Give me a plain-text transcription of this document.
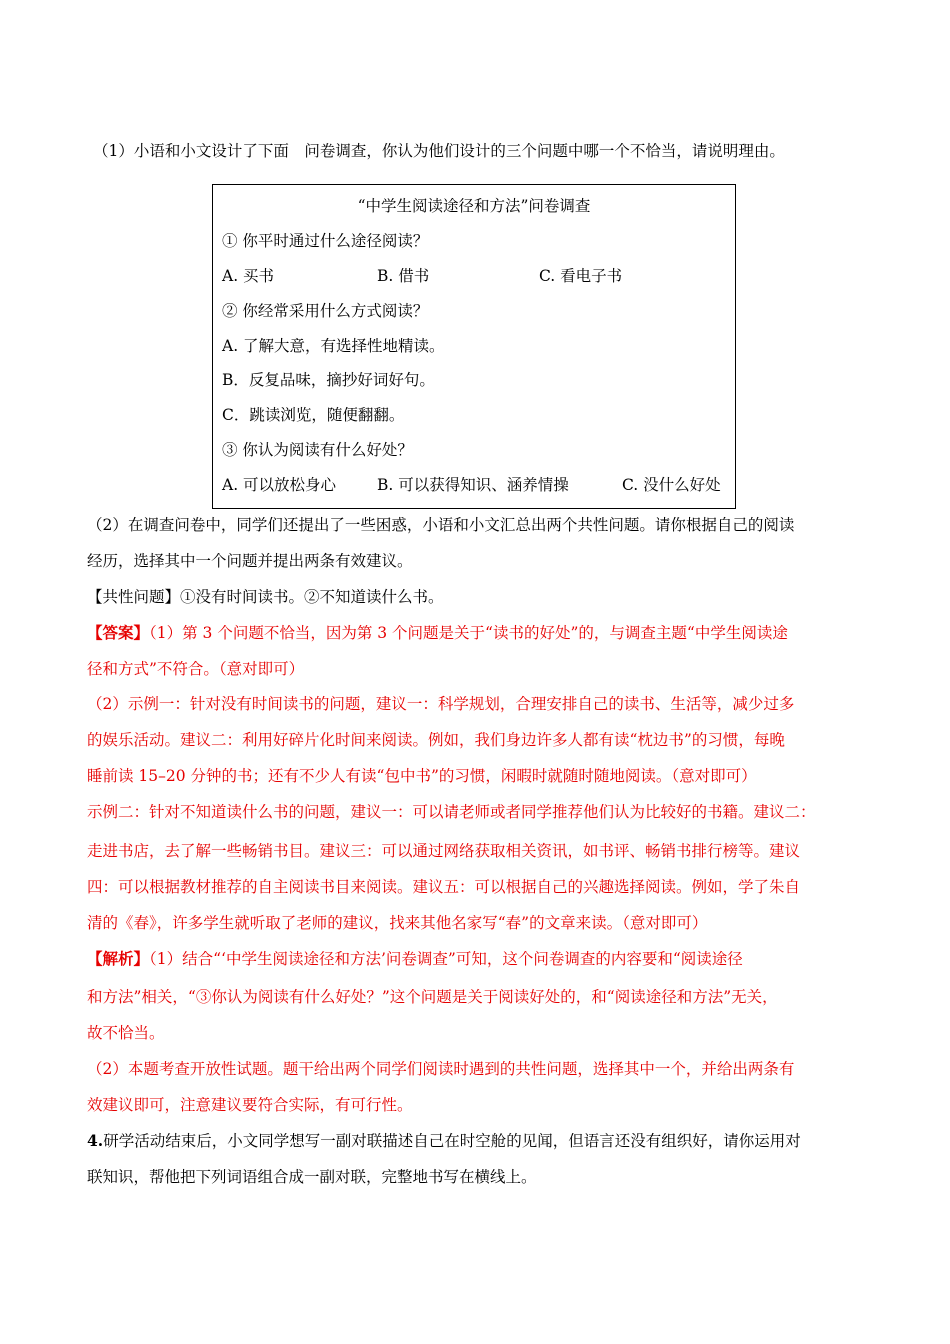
（1）小语和小文设计了下面　问卷调查，你认为他们设计的三个问题中哪一个不恰当，请说明理由。
“中学生阅读途径和方法”问卷调查
① 你平时通过什么途径阅读？
A. 买书	B. 借书	C. 看电子书
② 你经常采用什么方式阅读？
A. 了解大意，有选择性地精读。
B．反复品味，摘抄好词好句。
C．跳读浏览，随便翻翻。
③ 你认为阅读有什么好处？
A. 可以放松身心	B. 可以获得知识、涵养情操	C. 没什么好处
（2）在调查问卷中，同学们还提出了一些困惑，小语和小文汇总出两个共性问题。请你根据自己的阅读
经历，选择其中一个问题并提出两条有效建议。
【共性问题】①没有时间读书。②不知道读什么书。
【答案】（1）第 3 个问题不恰当，因为第 3 个问题是关于“读书的好处”的，与调查主题“中学生阅读途
径和方式”不符合。（意对即可）
（2）示例一：针对没有时间读书的问题，建议一：科学规划，合理安排自己的读书、生活等，减少过多
的娱乐活动。建议二：利用好碎片化时间来阅读。例如，我们身边许多人都有读“枕边书”的习惯，每晚
睡前读 15–20 分钟的书；还有不少人有读“包中书”的习惯，闲暇时就随时随地阅读。（意对即可）
示例二：针对不知道读什么书的问题，建议一：可以请老师或者同学推荐他们认为比较好的书籍。建议二：
走进书店，去了解一些畅销书目。建议三：可以通过网络获取相关资讯，如书评、畅销书排行榜等。建议
四：可以根据教材推荐的自主阅读书目来阅读。建议五：可以根据自己的兴趣选择阅读。例如，学了朱自
清的《春》，许多学生就听取了老师的建议，找来其他名家写“春”的文章来读。（意对即可）
【解析】（1）结合“‘中学生阅读途径和方法’问卷调查”可知，这个问卷调查的内容要和“阅读途径
和方法”相关，“③你认为阅读有什么好处？”这个问题是关于阅读好处的，和“阅读途径和方法”无关，
故不恰当。
（2）本题考查开放性试题。题干给出两个同学们阅读时遇到的共性问题，选择其中一个，并给出两条有
效建议即可，注意建议要符合实际，有可行性。
4.研学活动结束后，小文同学想写一副对联描述自己在时空舱的见闻，但语言还没有组织好，请你运用对
联知识，帮他把下列词语组合成一副对联，完整地书写在横线上。
